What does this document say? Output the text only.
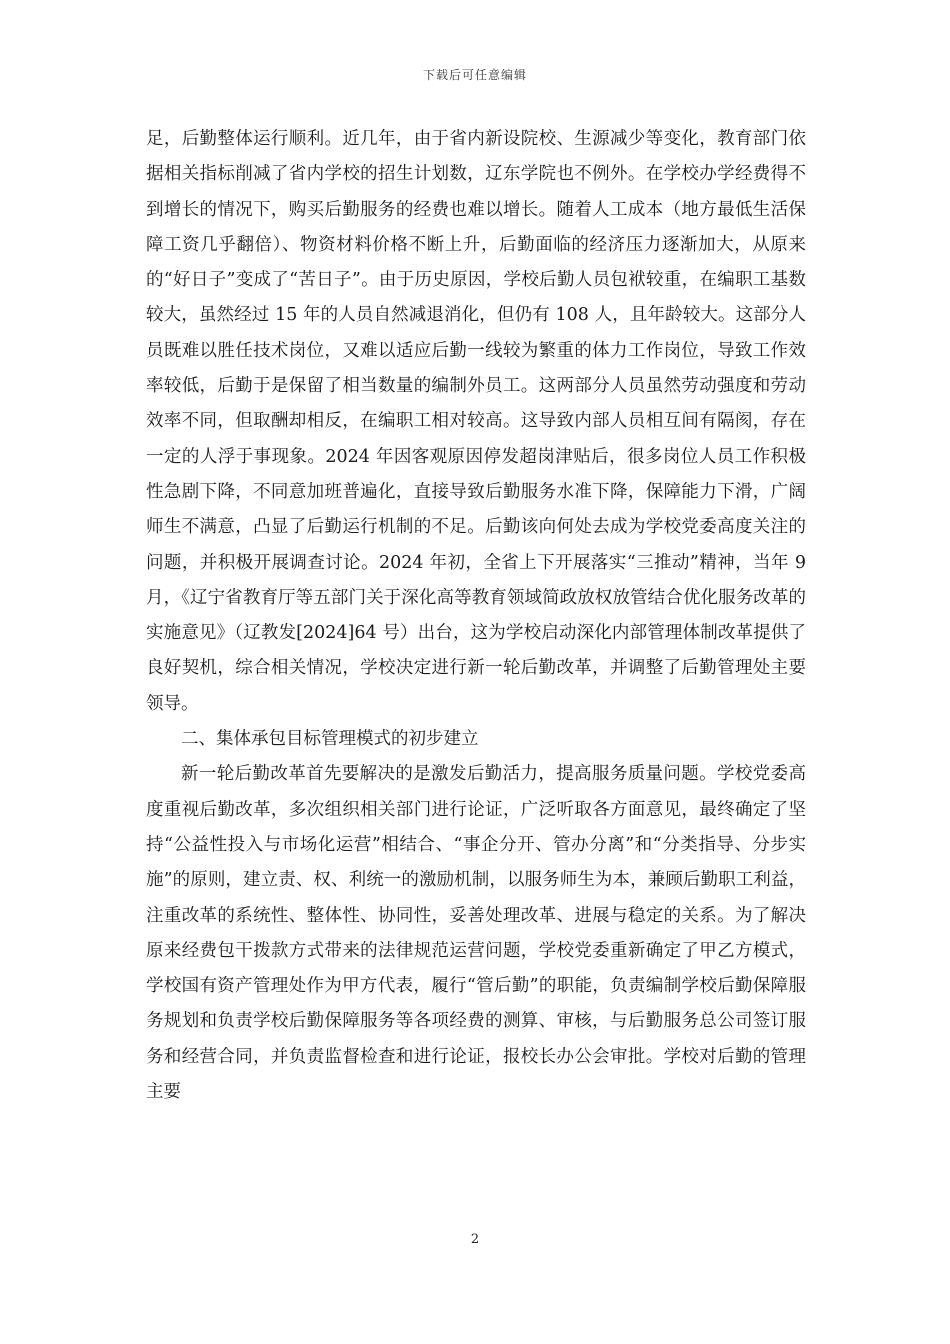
下载后可任意编辑

足，后勤整体运行顺利。近几年，由于省内新设院校、生源减少等变化，教育部门依据相关指标削减了省内学校的招生计划数，辽东学院也不例外。在学校办学经费得不到增长的情况下，购买后勤服务的经费也难以增长。随着人工成本（地方最低生活保障工资几乎翻倍）、物资材料价格不断上升，后勤面临的经济压力逐渐加大，从原来的“好日子”变成了“苦日子”。由于历史原因，学校后勤人员包袱较重，在编职工基数较大，虽然经过 15 年的人员自然减退消化，但仍有 108 人，且年龄较大。这部分人员既难以胜任技术岗位，又难以适应后勤一线较为繁重的体力工作岗位，导致工作效率较低，后勤于是保留了相当数量的编制外员工。这两部分人员虽然劳动强度和劳动效率不同，但取酬却相反，在编职工相对较高。这导致内部人员相互间有隔阂，存在一定的人浮于事现象。2024 年因客观原因停发超岗津贴后，很多岗位人员工作积极性急剧下降，不同意加班普遍化，直接导致后勤服务水准下降，保障能力下滑，广阔师生不满意，凸显了后勤运行机制的不足。后勤该向何处去成为学校党委高度关注的问题，并积极开展调查讨论。2024 年初，全省上下开展落实“三推动”精神，当年 9 月，《辽宁省教育厅等五部门关于深化高等教育领域简政放权放管结合优化服务改革的实施意见》（辽教发[2024]64 号）出台，这为学校启动深化内部管理体制改革提供了良好契机，综合相关情况，学校决定进行新一轮后勤改革，并调整了后勤管理处主要领导。

二、集体承包目标管理模式的初步建立

新一轮后勤改革首先要解决的是激发后勤活力，提高服务质量问题。学校党委高度重视后勤改革，多次组织相关部门进行论证，广泛听取各方面意见，最终确定了坚持“公益性投入与市场化运营”相结合、“事企分开、管办分离”和“分类指导、分步实施”的原则，建立责、权、利统一的激励机制，以服务师生为本，兼顾后勤职工利益，注重改革的系统性、整体性、协同性，妥善处理改革、进展与稳定的关系。为了解决原来经费包干拨款方式带来的法律规范运营问题，学校党委重新确定了甲乙方模式，学校国有资产管理处作为甲方代表，履行“管后勤”的职能，负责编制学校后勤保障服务规划和负责学校后勤保障服务等各项经费的测算、审核，与后勤服务总公司签订服务和经营合同，并负责监督检查和进行论证，报校长办公会审批。学校对后勤的管理主要

2
